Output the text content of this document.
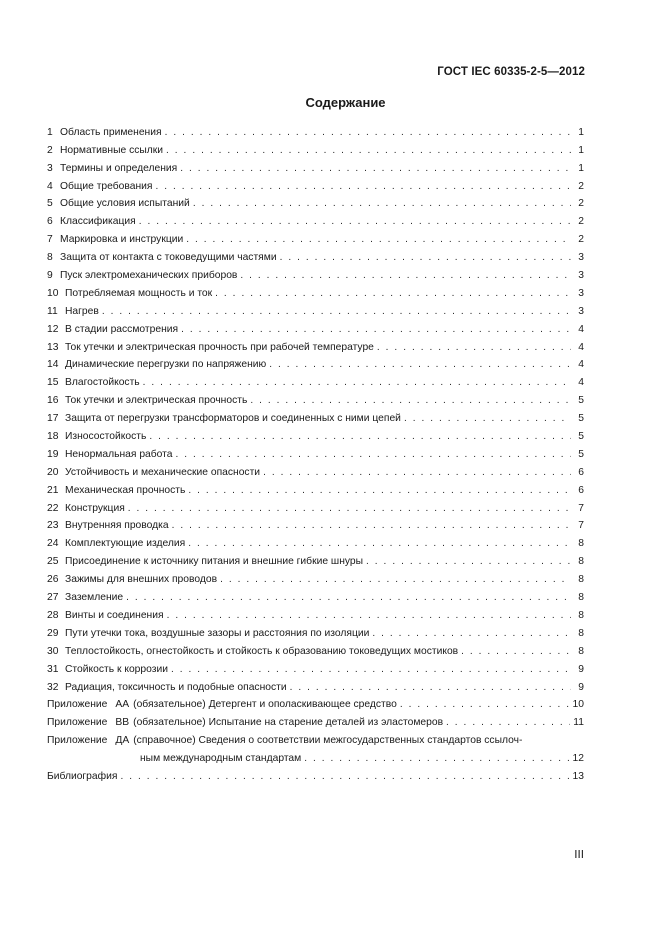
ГОСТ IEC 60335-2-5—2012
Содержание
1 Область применения . . .	1
2 Нормативные ссылки . . .	1
3 Термины и определения . . .	1
4 Общие требования . . .	2
5 Общие условия испытаний . . .	2
6 Классификация . . .	2
7 Маркировка и инструкции . . .	2
8 Защита от контакта с токоведущими частями . . .	3
9 Пуск электромеханических приборов . . .	3
10 Потребляемая мощность и ток . . .	3
11 Нагрев . . .	3
12 В стадии рассмотрения . . .	4
13 Ток утечки и электрическая прочность при рабочей температуре . . .	4
14 Динамические перегрузки по напряжению . . .	4
15 Влагостойкость . . .	4
16 Ток утечки и электрическая прочность . . .	5
17 Защита от перегрузки трансформаторов и соединенных с ними цепей . . .	5
18 Износостойкость . . .	5
19 Ненормальная работа . . .	5
20 Устойчивость и механические опасности . . .	6
21 Механическая прочность . . .	6
22 Конструкция . . .	7
23 Внутренняя проводка . . .	7
24 Комплектующие изделия . . .	8
25 Присоединение к источнику питания и внешние гибкие шнуры . . .	8
26 Зажимы для внешних проводов . . .	8
27 Заземление . . .	8
28 Винты и соединения . . .	8
29 Пути утечки тока, воздушные зазоры и расстояния по изоляции . . .	8
30 Теплостойкость, огнестойкость и стойкость к образованию токоведущих мостиков . . .	8
31 Стойкость к коррозии . . .	9
32 Радиация, токсичность и подобные опасности . . .	9
Приложение АА (обязательное) Детергент и ополаскивающее средство . . .	10
Приложение ВВ (обязательное) Испытание на старение деталей из эластомеров . . .	11
Приложение ДА (справочное) Сведения о соответствии межгосударственных стандартов ссылоч-
ным международным стандартам . . .	12
Библиография . . .	13
III
